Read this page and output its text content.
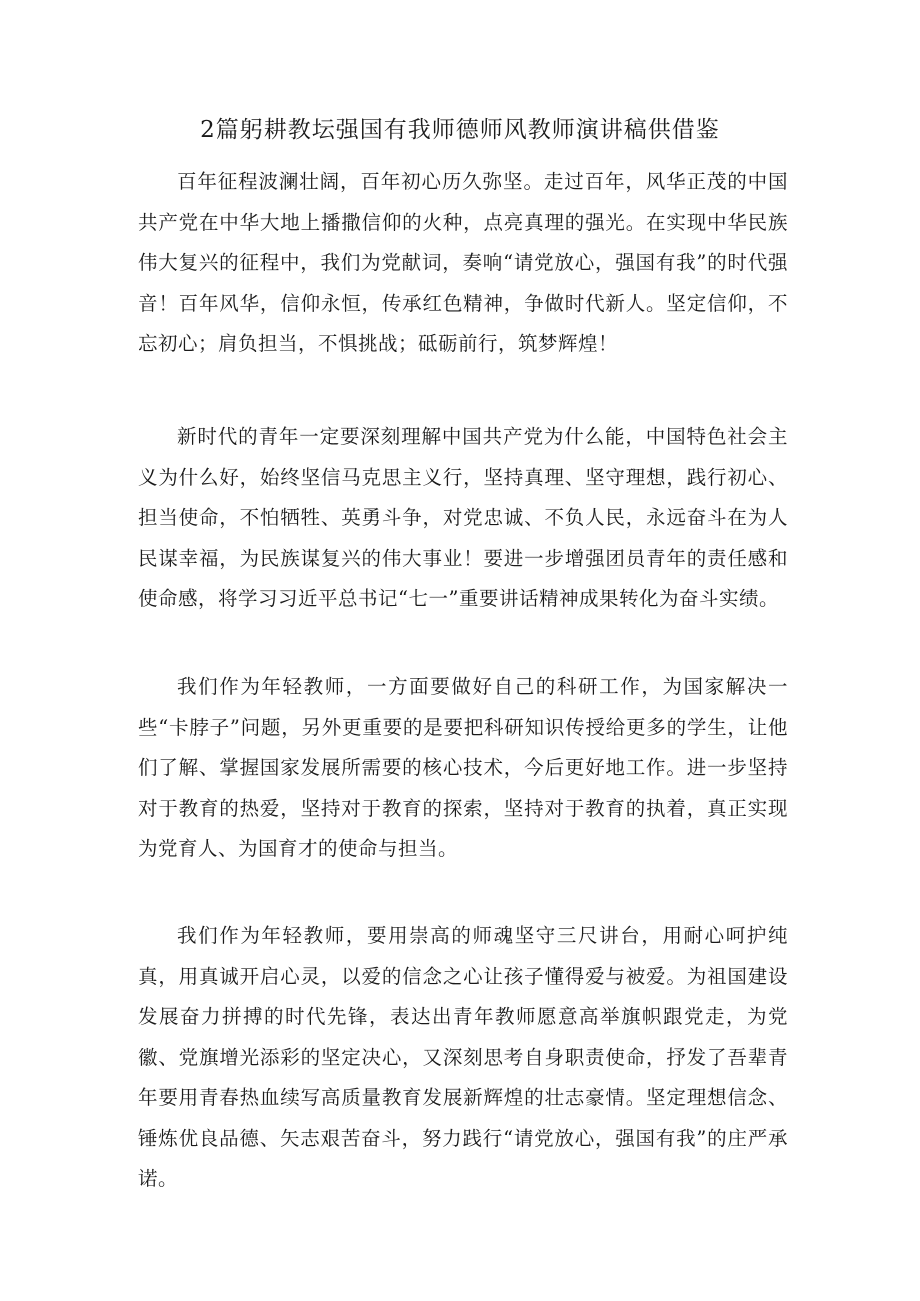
2篇躬耕教坛强国有我师德师风教师演讲稿供借鉴

百年征程波澜壮阔，百年初心历久弥坚。走过百年，风华正茂的中国共产党在中华大地上播撒信仰的火种，点亮真理的强光。在实现中华民族伟大复兴的征程中，我们为党献词，奏响“请党放心，强国有我”的时代强音！百年风华，信仰永恒，传承红色精神，争做时代新人。坚定信仰，不忘初心；肩负担当，不惧挑战；砥砺前行，筑梦辉煌！

新时代的青年一定要深刻理解中国共产党为什么能，中国特色社会主义为什么好，始终坚信马克思主义行，坚持真理、坚守理想，践行初心、担当使命，不怕牺牲、英勇斗争，对党忠诚、不负人民，永远奋斗在为人民谋幸福，为民族谋复兴的伟大事业！要进一步增强团员青年的责任感和使命感，将学习习近平总书记“七一”重要讲话精神成果转化为奋斗实绩。

我们作为年轻教师，一方面要做好自己的科研工作，为国家解决一些“卡脖子”问题，另外更重要的是要把科研知识传授给更多的学生，让他们了解、掌握国家发展所需要的核心技术，今后更好地工作。进一步坚持对于教育的热爱，坚持对于教育的探索，坚持对于教育的执着，真正实现为党育人、为国育才的使命与担当。

我们作为年轻教师，要用崇高的师魂坚守三尺讲台，用耐心呵护纯真，用真诚开启心灵，以爱的信念之心让孩子懂得爱与被爱。为祖国建设发展奋力拼搏的时代先锋，表达出青年教师愿意高举旗帜跟党走，为党徽、党旗增光添彩的坚定决心，又深刻思考自身职责使命，抒发了吾辈青年要用青春热血续写高质量教育发展新辉煌的壮志豪情。坚定理想信念、锤炼优良品德、矢志艰苦奋斗，努力践行“请党放心，强国有我”的庄严承诺。
